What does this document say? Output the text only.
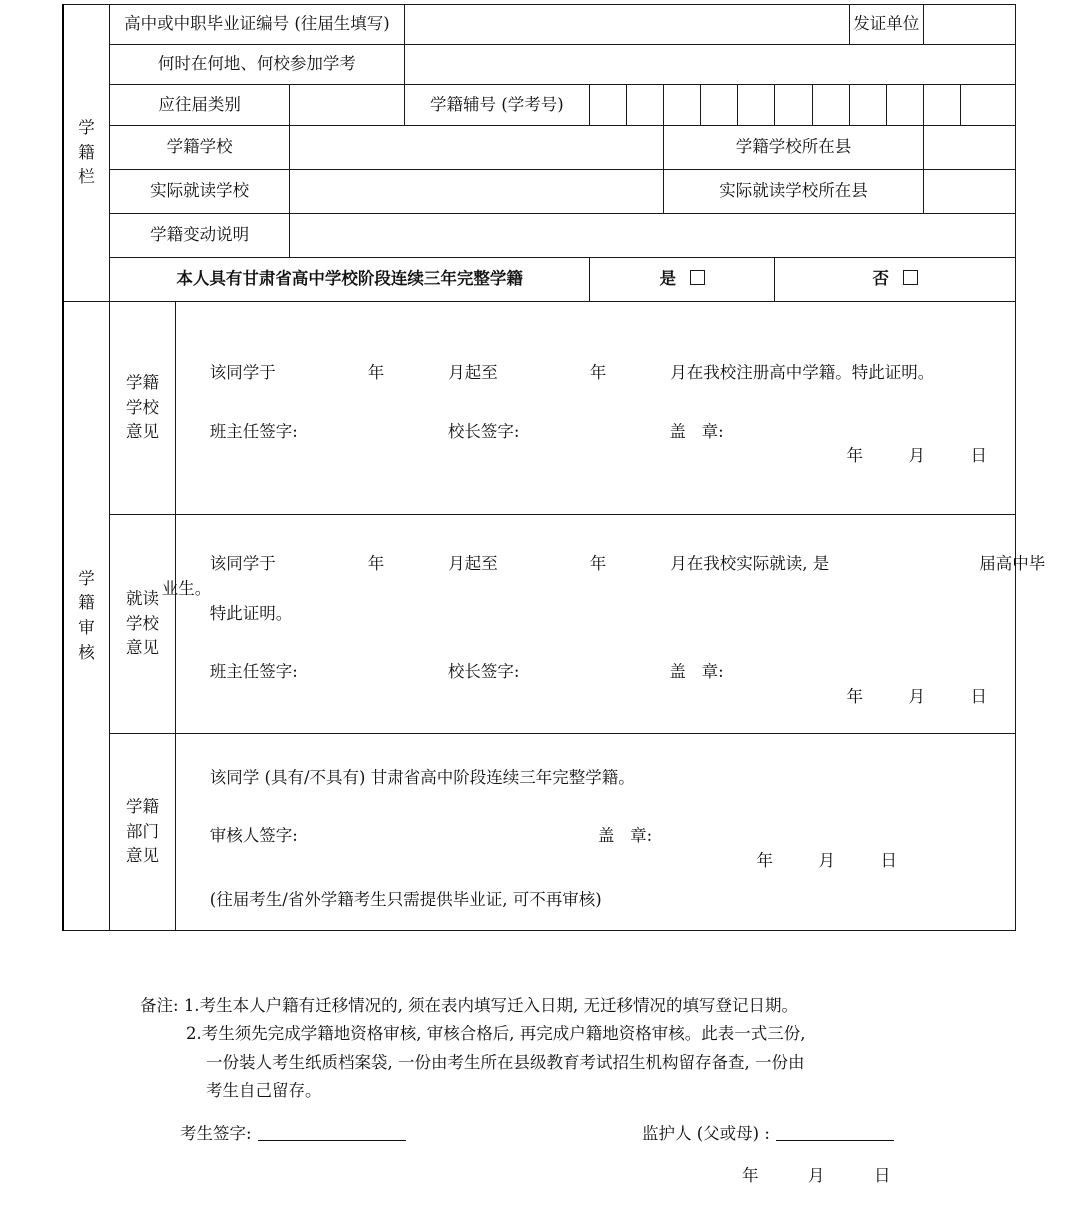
学
籍
栏	高中或中职毕业证编号 (往届生填写)											发证单位			
	何时在何地、何校参加学考														
	应往届类别			学籍辅号 (学考号)											
	学籍学校						学籍学校所在县								
	实际就读学校						实际就读学校所在县								
	学籍变动说明														
	本人具有甘肃省高中学校阶段连续三年完整学籍				是					否					

学
籍
审
核

学籍
学校
意见

该同学于	年	月起至	年	月在我校注册高中学籍。特此证明。
班主任签字:	校长签字:	盖   章:
年	月	日

就读
学校
意见

该同学于	年	月起至	年	月在我校实际就读, 是	届高中毕
业生。
特此证明。
班主任签字:	校长签字:	盖   章:
年	月	日

学籍
部门
意见

该同学 (具有/不具有) 甘肃省高中阶段连续三年完整学籍。
审核人签字:	盖   章:
年	月	日
(往届考生/省外学籍考生只需提供毕业证, 可不再审核)
备注: 1.考生本人户籍有迁移情况的, 须在表内填写迁入日期, 无迁移情况的填写登记日期。
2.考生须先完成学籍地资格审核, 审核合格后, 再完成户籍地资格审核。此表一式三份,
一份装人考生纸质档案袋, 一份由考生所在县级教育考试招生机构留存备查, 一份由
考生自己留存。
考生签字:	监护人 (父或母) :
年	月	日
